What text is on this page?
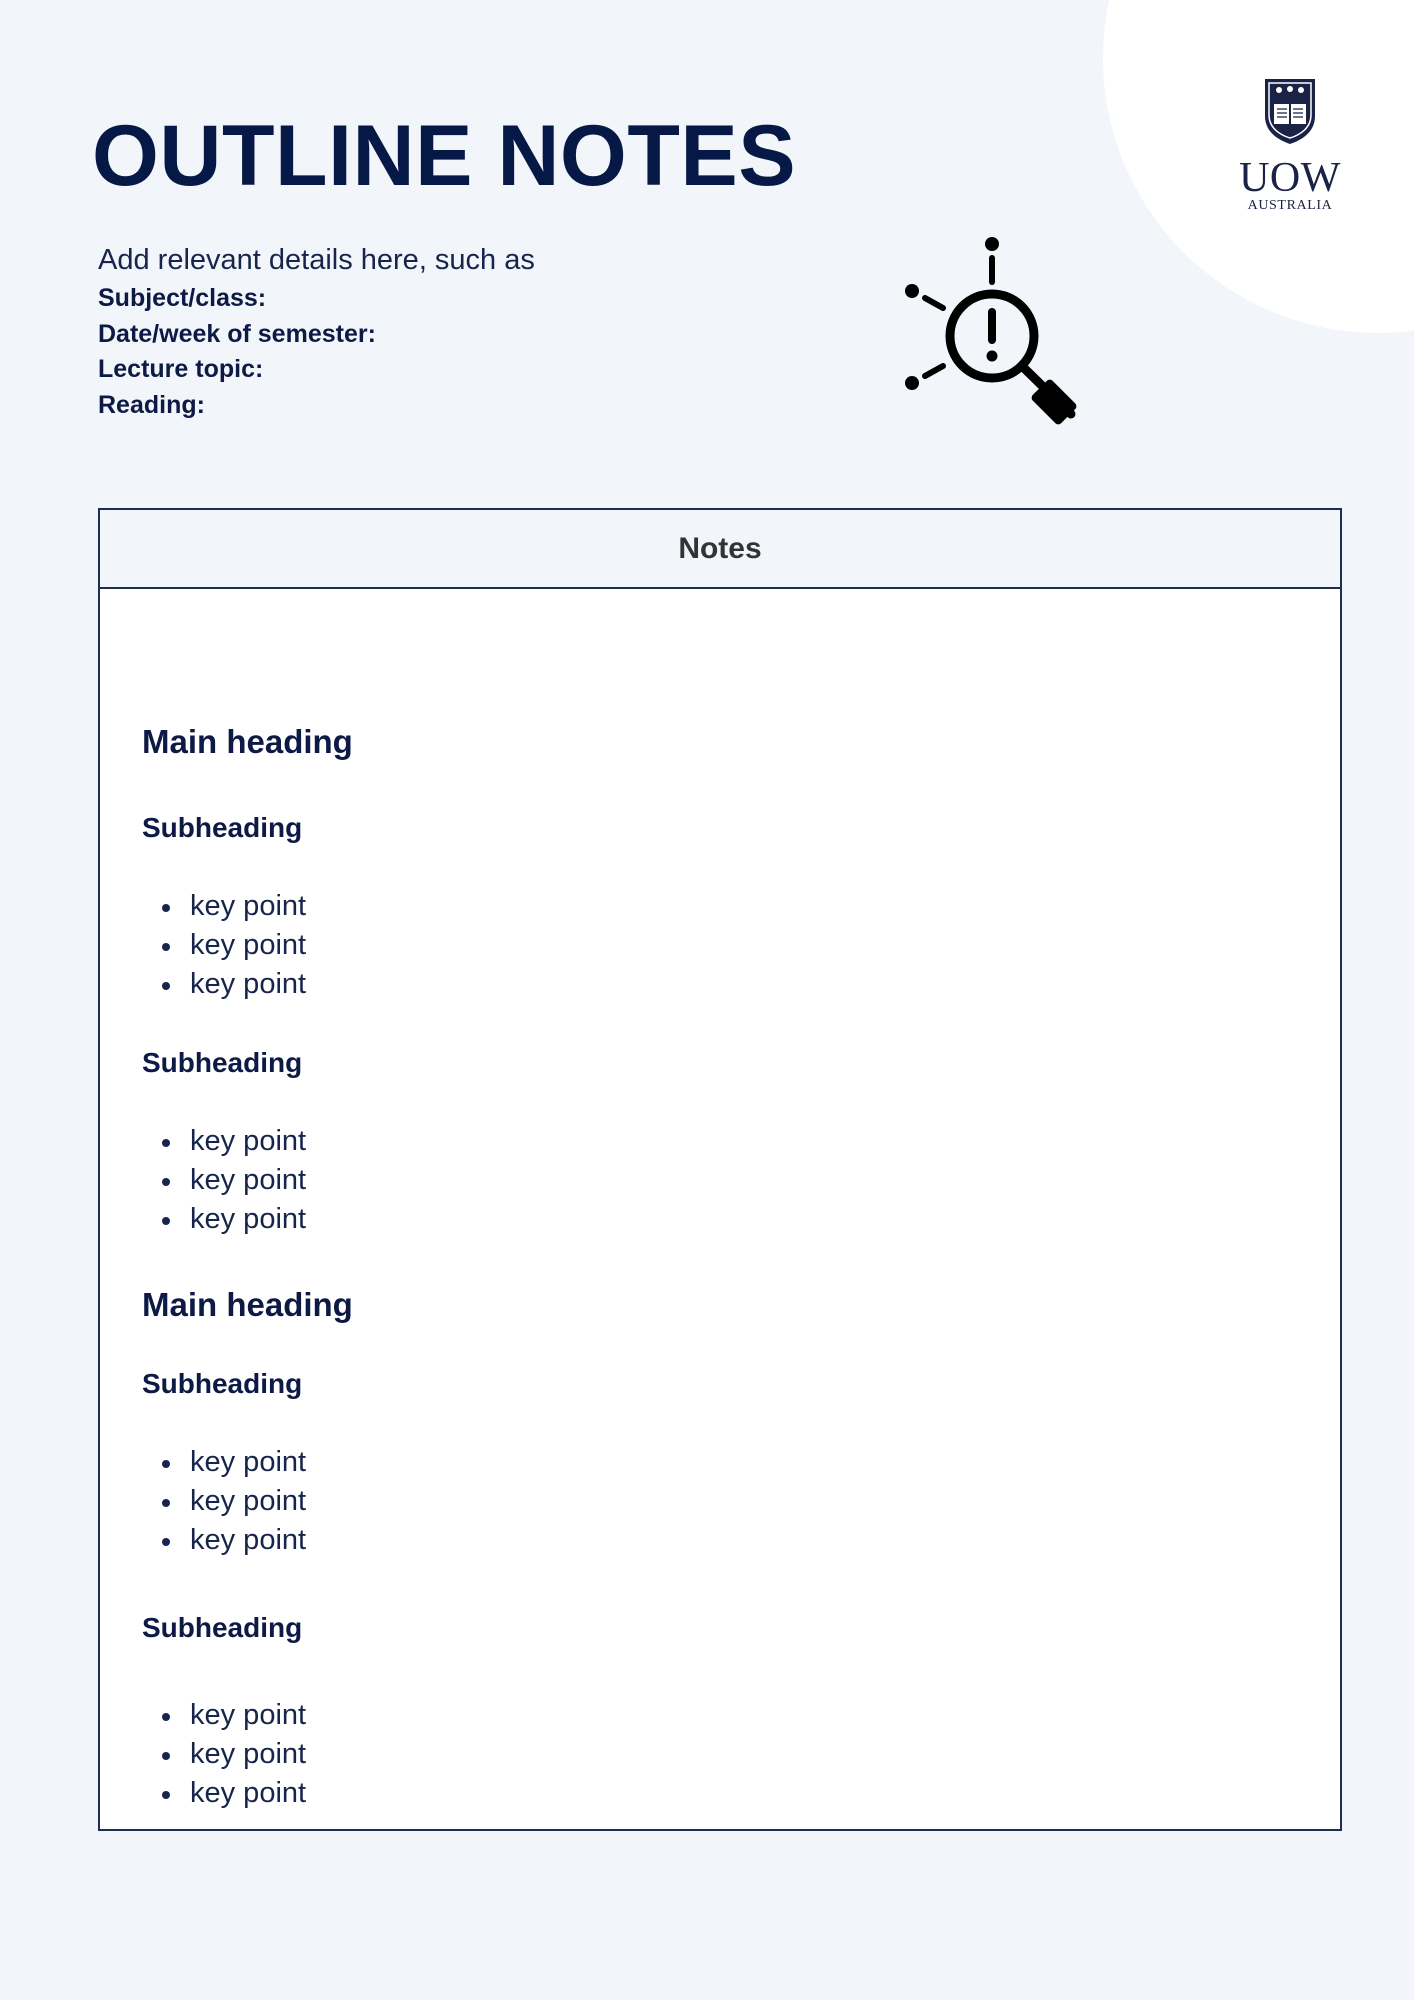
UOW
AUSTRALIA
OUTLINE NOTES

Add relevant details here, such as

Subject/class:
Date/week of semester:
Lecture topic:
Reading:
Notes
Main heading
Subheading
key point
key point
key point
Subheading
key point
key point
key point
Main heading
Subheading
key point
key point
key point
Subheading
key point
key point
key point
